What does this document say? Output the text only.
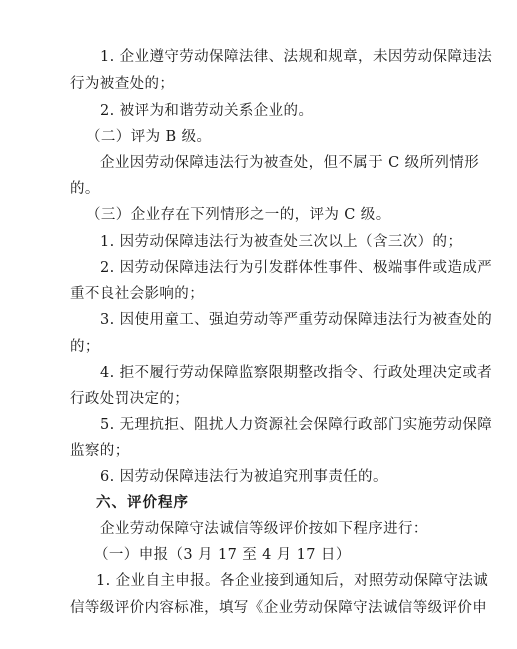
1. 企业遵守劳动保障法律、法规和规章，未因劳动保障违法
行为被查处的；
2. 被评为和谐劳动关系企业的。
（二）评为 B 级。
企业因劳动保障违法行为被查处，但不属于 C 级所列情形
的。
（三）企业存在下列情形之一的，评为 C 级。
1. 因劳动保障违法行为被查处三次以上（含三次）的；
2. 因劳动保障违法行为引发群体性事件、极端事件或造成严
重不良社会影响的；
3. 因使用童工、强迫劳动等严重劳动保障违法行为被查处的
的；
4. 拒不履行劳动保障监察限期整改指令、行政处理决定或者
行政处罚决定的；
5. 无理抗拒、阻扰人力资源社会保障行政部门实施劳动保障
监察的；
6. 因劳动保障违法行为被追究刑事责任的。
六、评价程序
企业劳动保障守法诚信等级评价按如下程序进行：
（一）申报（3 月 17 至 4 月 17 日）
1. 企业自主申报。各企业接到通知后，对照劳动保障守法诚
信等级评价内容标准，填写《企业劳动保障守法诚信等级评价申
